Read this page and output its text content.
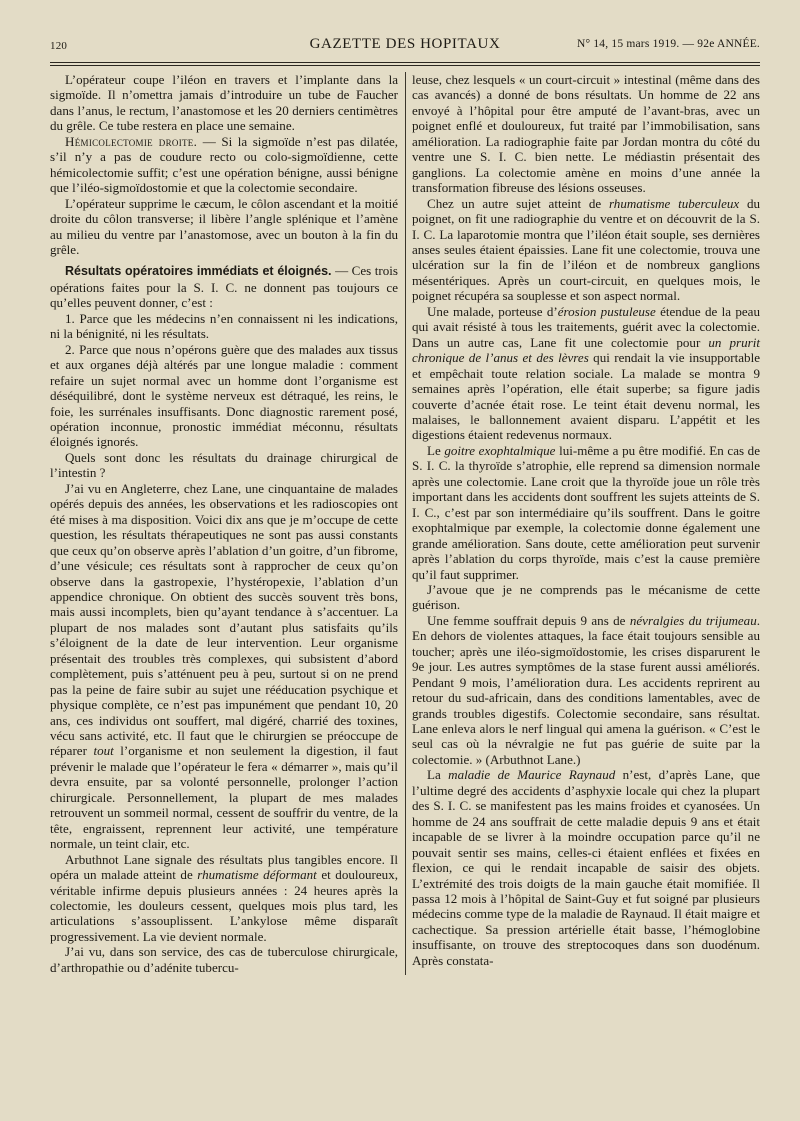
120	GAZETTE DES HOPITAUX	N° 14, 15 mars 1919. — 92e ANNÉE.

L’opérateur coupe l’iléon en travers et l’implante dans la sigmoïde. Il n’omettra jamais d’introduire un tube de Faucher dans l’anus, le rectum, l’anastomose et les 20 derniers centimètres du grêle. Ce tube restera en place une semaine.

Hémicolectomie droite. — Si la sigmoïde n’est pas dilatée, s’il n’y a pas de coudure recto ou colo-sigmoïdienne, cette hémicolectomie suffit; c’est une opération bénigne, aussi bénigne que l’iléo-sigmoïdostomie et que la colectomie secondaire.

L’opérateur supprime le cæcum, le côlon ascendant et la moitié droite du côlon transverse; il libère l’angle splénique et l’amène au milieu du ventre par l’anastomose, avec un bouton à la fin du grêle.

Résultats opératoires immédiats et éloignés. — Ces trois opérations faites pour la S. I. C. ne donnent pas toujours ce qu’elles peuvent donner, c’est :

1. Parce que les médecins n’en connaissent ni les indications, ni la bénignité, ni les résultats.

2. Parce que nous n’opérons guère que des malades aux tissus et aux organes déjà altérés par une longue maladie : comment refaire un sujet normal avec un homme dont l’organisme est déséquilibré, dont le système nerveux est détraqué, les reins, le foie, les surrénales insuffisants. Donc diagnostic rarement posé, opération inconnue, pronostic immédiat méconnu, résultats éloignés ignorés.

Quels sont donc les résultats du drainage chirurgical de l’intestin ?

J’ai vu en Angleterre, chez Lane, une cinquantaine de malades opérés depuis des années, les observations et les radioscopies ont été mises à ma disposition. Voici dix ans que je m’occupe de cette question, les résultats thérapeutiques ne sont pas aussi constants que ceux qu’on observe après l’ablation d’un goitre, d’un fibrome, d’une vésicule; ces résultats sont à rapprocher de ceux qu’on observe dans la gastropexie, l’hystéropexie, l’ablation d’un appendice chronique. On obtient des succès souvent très bons, mais aussi incomplets, bien qu’ayant tendance à s’accentuer. La plupart de nos malades sont d’autant plus satisfaits qu’ils s’éloignent de la date de leur intervention. Leur organisme présentait des troubles très complexes, qui subsistent d’abord complètement, puis s’atténuent peu à peu, surtout si on ne prend pas la peine de faire subir au sujet une rééducation psychique et physique complète, ce n’est pas impunément que pendant 10, 20 ans, ces individus ont souffert, mal digéré, charrié des toxines, vécu sans activité, etc. Il faut que le chirurgien se préoccupe de réparer tout l’organisme et non seulement la digestion, il faut prévenir le malade que l’opérateur le fera « démarrer », mais qu’il devra ensuite, par sa volonté personnelle, prolonger l’action chirurgicale. Personnellement, la plupart de mes malades retrouvent un sommeil normal, cessent de souffrir du ventre, de la tête, engraissent, reprennent leur activité, une température normale, un teint clair, etc.

Arbuthnot Lane signale des résultats plus tangibles encore. Il opéra un malade atteint de rhumatisme déformant et douloureux, véritable infirme depuis plusieurs années : 24 heures après la colectomie, les douleurs cessent, quelques mois plus tard, les articulations s’assouplissent. L’ankylose même disparaît progressivement. La vie devient normale.

J’ai vu, dans son service, des cas de tuberculose chirurgicale, d’arthropathie ou d’adénite tubercu-

leuse, chez lesquels « un court-circuit » intestinal (même dans des cas avancés) a donné de bons résultats. Un homme de 22 ans envoyé à l’hôpital pour être amputé de l’avant-bras, avec un poignet enflé et douloureux, fut traité par l’immobilisation, sans amélioration. La radiographie faite par Jordan montra du côté du ventre une S. I. C. bien nette. Le médiastin présentait des ganglions. La colectomie amène en moins d’une année la transformation fibreuse des lésions osseuses.

Chez un autre sujet atteint de rhumatisme tuberculeux du poignet, on fit une radiographie du ventre et on découvrit de la S. I. C. La laparotomie montra que l’iléon était souple, ses dernières anses seules étaient épaissies. Lane fit une colectomie, trouva une ulcération sur la fin de l’iléon et de nombreux ganglions mésentériques. Après un court-circuit, en quelques mois, le poignet récupéra sa souplesse et son aspect normal.

Une malade, porteuse d’érosion pustuleuse étendue de la peau qui avait résisté à tous les traitements, guérit avec la colectomie. Dans un autre cas, Lane fit une colectomie pour un prurit chronique de l’anus et des lèvres qui rendait la vie insupportable et empêchait toute relation sociale. La malade se montra 9 semaines après l’opération, elle était superbe; sa figure jadis couverte d’acnée était rose. Le teint était devenu normal, les malaises, le ballonnement avaient disparu. L’appétit et les digestions étaient redevenus normaux.

Le goitre exophtalmique lui-même a pu être modifié. En cas de S. I. C. la thyroïde s’atrophie, elle reprend sa dimension normale après une colectomie. Lane croit que la thyroïde joue un rôle très important dans les accidents dont souffrent les sujets atteints de S. I. C., c’est par son intermédiaire qu’ils souffrent. Dans le goitre exophtalmique par exemple, la colectomie donne également une grande amélioration. Sans doute, cette amélioration peut survenir après l’ablation du corps thyroïde, mais c’est la cause première qu’il faut supprimer.

J’avoue que je ne comprends pas le mécanisme de cette guérison.

Une femme souffrait depuis 9 ans de névralgies du trijumeau. En dehors de violentes attaques, la face était toujours sensible au toucher; après une iléo-sigmoïdostomie, les crises disparurent le 9e jour. Les autres symptômes de la stase furent aussi améliorés. Pendant 9 mois, l’amélioration dura. Les accidents reprirent au retour du sud-africain, dans des conditions lamentables, avec de grands troubles digestifs. Colectomie secondaire, sans résultat. Lane enleva alors le nerf lingual qui amena la guérison. « C’est le seul cas où la névralgie ne fut pas guérie de suite par la colectomie. » (Arbuthnot Lane.)

La maladie de Maurice Raynaud n’est, d’après Lane, que l’ultime degré des accidents d’asphyxie locale qui chez la plupart des S. I. C. se manifestent pas les mains froides et cyanosées. Un homme de 24 ans souffrait de cette maladie depuis 9 ans et était incapable de se livrer à la moindre occupation parce qu’il ne pouvait sentir ses mains, celles-ci étaient enflées et fixées en flexion, ce qui le rendait incapable de saisir des objets. L’extrémité des trois doigts de la main gauche était momifiée. Il passa 12 mois à l’hôpital de Saint-Guy et fut soigné par plusieurs médecins comme type de la maladie de Raynaud. Il était maigre et cachectique. Sa pression artérielle était basse, l’hémoglobine insuffisante, on trouve des streptocoques dans son duodénum. Après constata-
